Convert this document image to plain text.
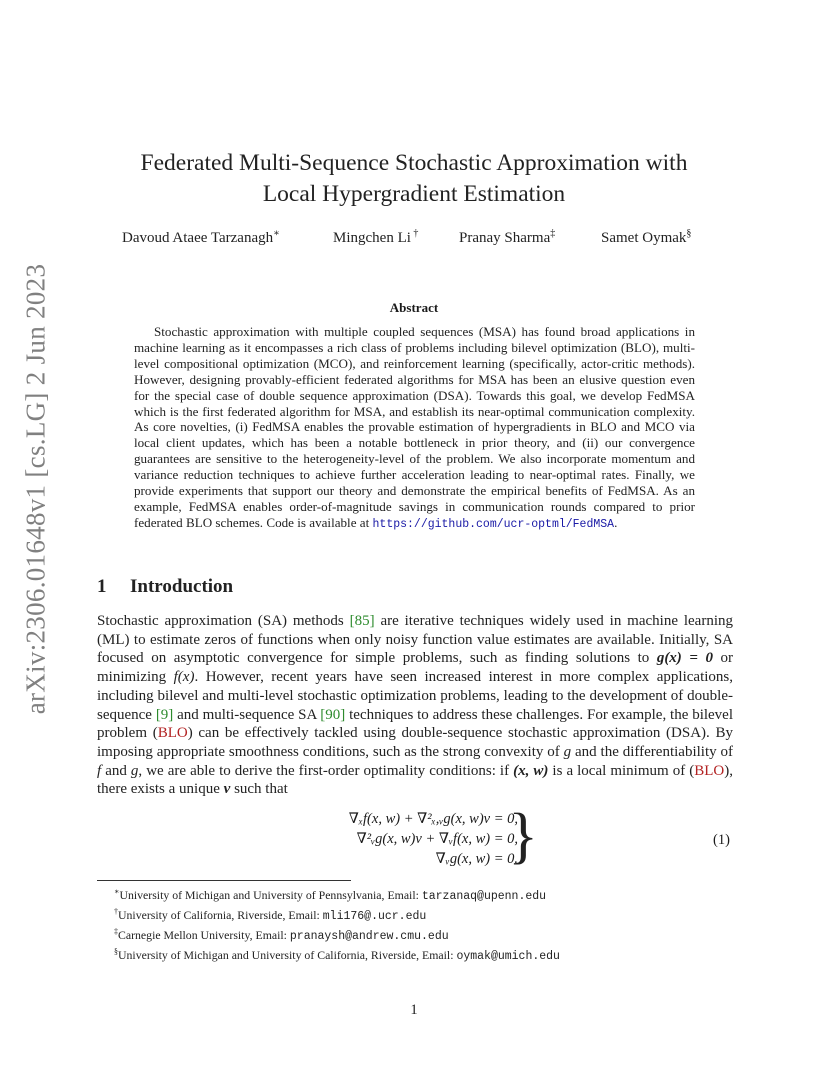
arXiv:2306.01648v1 [cs.LG] 2 Jun 2023
Federated Multi-Sequence Stochastic Approximation with
Local Hypergradient Estimation
Davoud Ataee Tarzanagh∗	Mingchen Li †	Pranay Sharma‡	Samet Oymak§
Abstract

Stochastic approximation with multiple coupled sequences (MSA) has found broad applications in machine learning as it encompasses a rich class of problems including bilevel optimization (BLO), multi-level compositional optimization (MCO), and reinforcement learning (specifically, actor-critic methods). However, designing provably-efficient federated algorithms for MSA has been an elusive question even for the special case of double sequence approximation (DSA). Towards this goal, we develop FedMSA which is the first federated algorithm for MSA, and establish its near-optimal communication complexity. As core novelties, (i) FedMSA enables the provable estimation of hypergradients in BLO and MCO via local client updates, which has been a notable bottleneck in prior theory, and (ii) our convergence guarantees are sensitive to the heterogeneity-level of the problem. We also incorporate momentum and variance reduction techniques to achieve further acceleration leading to near-optimal rates. Finally, we provide experiments that support our theory and demonstrate the empirical benefits of FedMSA. As an example, FedMSA enables order-of-magnitude savings in communication rounds compared to prior federated BLO schemes. Code is available at https://github.com/ucr-optml/FedMSA.

1 Introduction

Stochastic approximation (SA) methods [85] are iterative techniques widely used in machine learning (ML) to estimate zeros of functions when only noisy function value estimates are available. Initially, SA focused on asymptotic convergence for simple problems, such as finding solutions to g(x) = 0 or minimizing f(x). However, recent years have seen increased interest in more complex applications, including bilevel and multi-level stochastic optimization problems, leading to the development of double-sequence [9] and multi-sequence SA [90] techniques to address these challenges. For example, the bilevel problem (BLO) can be effectively tackled using double-sequence stochastic approximation (DSA). By imposing appropriate smoothness conditions, such as the strong convexity of g and the differentiability of f and g, we are able to derive the first-order optimality conditions: if (x, w) is a local minimum of (BLO), there exists a unique v such that

∇ₓf(x, w) + ∇²ₓ,ᵥg(x, w)v = 0,
∇²ᵥg(x, w)v + ∇ᵥf(x, w) = 0,
∇ᵥg(x, w) = 0.
}	(1)
∗University of Michigan and University of Pennsylvania, Email: tarzanaq@upenn.edu
†University of California, Riverside, Email: mli176@.ucr.edu
‡Carnegie Mellon University, Email: pranaysh@andrew.cmu.edu
§University of Michigan and University of California, Riverside, Email: oymak@umich.edu
1
